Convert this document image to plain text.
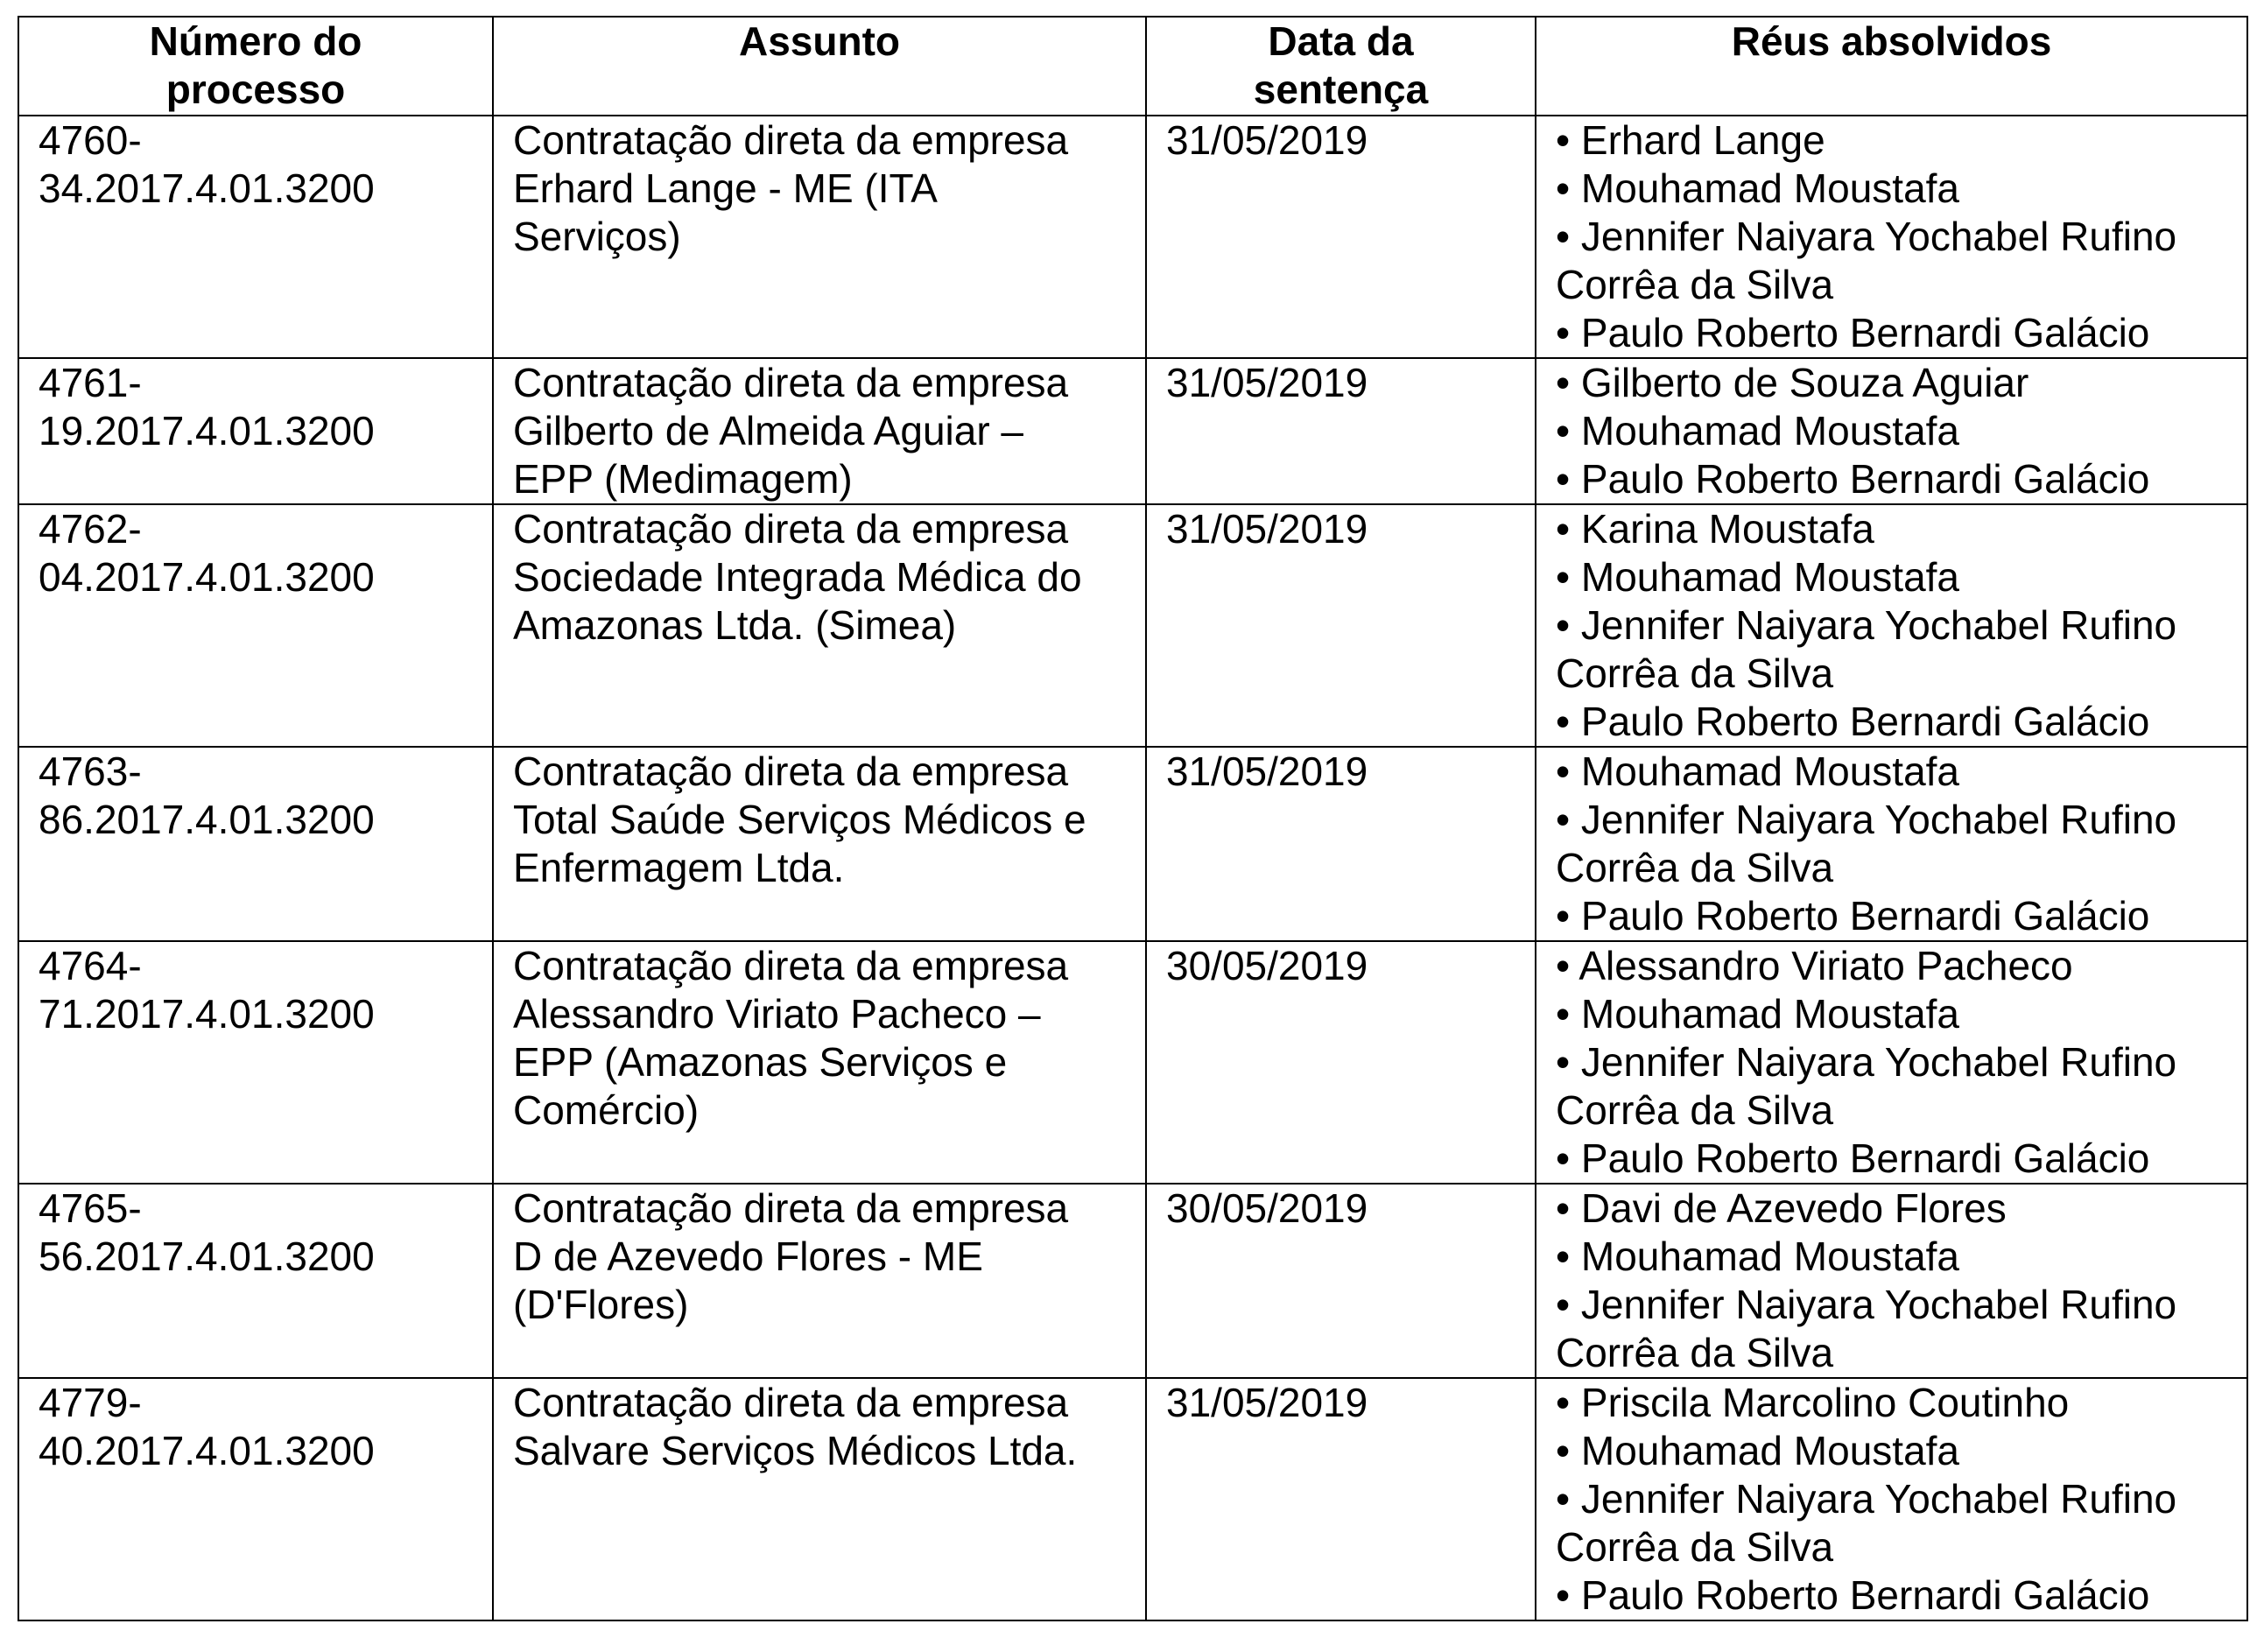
Número do
processo	Assunto	Data da
sentença	Réus absolvidos

4760-
34.2017.4.01.3200	Contratação direta da empresa
Erhard Lange - ME (ITA
Serviços)	31/05/2019	• Erhard Lange
• Mouhamad Moustafa
• Jennifer Naiyara Yochabel Rufino
Corrêa da Silva
• Paulo Roberto Bernardi Galácio

4761-
19.2017.4.01.3200	Contratação direta da empresa
Gilberto de Almeida Aguiar –
EPP (Medimagem)	31/05/2019	• Gilberto de Souza Aguiar
• Mouhamad Moustafa
• Paulo Roberto Bernardi Galácio

4762-
04.2017.4.01.3200	Contratação direta da empresa
Sociedade Integrada Médica do
Amazonas Ltda. (Simea)	31/05/2019	• Karina Moustafa
• Mouhamad Moustafa
• Jennifer Naiyara Yochabel Rufino
Corrêa da Silva
• Paulo Roberto Bernardi Galácio

4763-
86.2017.4.01.3200	Contratação direta da empresa
Total Saúde Serviços Médicos e
Enfermagem Ltda.	31/05/2019	• Mouhamad Moustafa
• Jennifer Naiyara Yochabel Rufino
Corrêa da Silva
• Paulo Roberto Bernardi Galácio

4764-
71.2017.4.01.3200	Contratação direta da empresa
Alessandro Viriato Pacheco –
EPP (Amazonas Serviços e
Comércio)	30/05/2019	• Alessandro Viriato Pacheco
• Mouhamad Moustafa
• Jennifer Naiyara Yochabel Rufino
Corrêa da Silva
• Paulo Roberto Bernardi Galácio

4765-
56.2017.4.01.3200	Contratação direta da empresa
D de Azevedo Flores - ME
(D'Flores)	30/05/2019	• Davi de Azevedo Flores
• Mouhamad Moustafa
• Jennifer Naiyara Yochabel Rufino
Corrêa da Silva

4779-
40.2017.4.01.3200	Contratação direta da empresa
Salvare Serviços Médicos Ltda.	31/05/2019	• Priscila Marcolino Coutinho
• Mouhamad Moustafa
• Jennifer Naiyara Yochabel Rufino
Corrêa da Silva
• Paulo Roberto Bernardi Galácio
